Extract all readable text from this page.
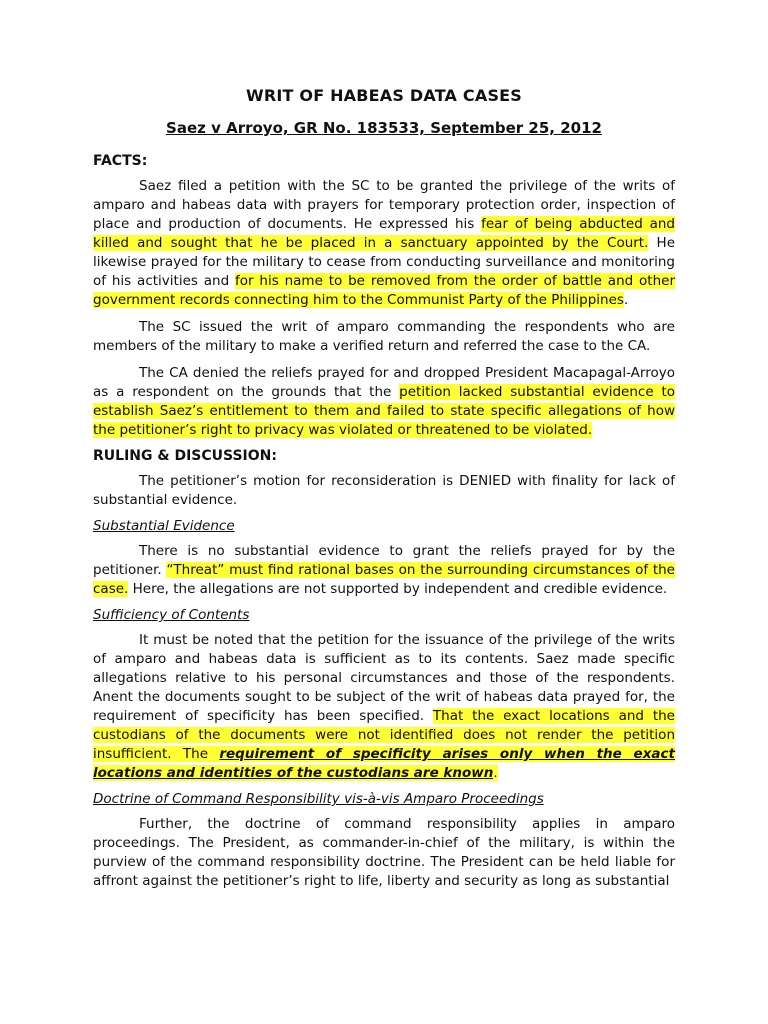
WRIT OF HABEAS DATA CASES
Saez v Arroyo, GR No. 183533, September 25, 2012
FACTS:

Saez filed a petition with the SC to be granted the privilege of the writs of amparo and habeas data with prayers for temporary protection order, inspection of place and production of documents. He expressed his fear of being abducted and killed and sought that he be placed in a sanctuary appointed by the Court. He likewise prayed for the military to cease from conducting surveillance and monitoring of his activities and for his name to be removed from the order of battle and other government records connecting him to the Communist Party of the Philippines.

The SC issued the writ of amparo commanding the respondents who are members of the military to make a verified return and referred the case to the CA.

The CA denied the reliefs prayed for and dropped President Macapagal-Arroyo as a respondent on the grounds that the petition lacked substantial evidence to establish Saez’s entitlement to them and failed to state specific allegations of how the petitioner’s right to privacy was violated or threatened to be violated.

RULING & DISCUSSION:

The petitioner’s motion for reconsideration is DENIED with finality for lack of substantial evidence.

Substantial Evidence

There is no substantial evidence to grant the reliefs prayed for by the petitioner. “Threat” must find rational bases on the surrounding circumstances of the case. Here, the allegations are not supported by independent and credible evidence.

Sufficiency of Contents

It must be noted that the petition for the issuance of the privilege of the writs of amparo and habeas data is sufficient as to its contents. Saez made specific allegations relative to his personal circumstances and those of the respondents. Anent the documents sought to be subject of the writ of habeas data prayed for, the requirement of specificity has been specified. That the exact locations and the custodians of the documents were not identified does not render the petition insufficient. The requirement of specificity arises only when the exact locations and identities of the custodians are known.

Doctrine of Command Responsibility vis-à-vis Amparo Proceedings

Further, the doctrine of command responsibility applies in amparo proceedings. The President, as commander-in-chief of the military, is within the purview of the command responsibility doctrine. The President can be held liable for affront against the petitioner’s right to life, liberty and security as long as substantial
